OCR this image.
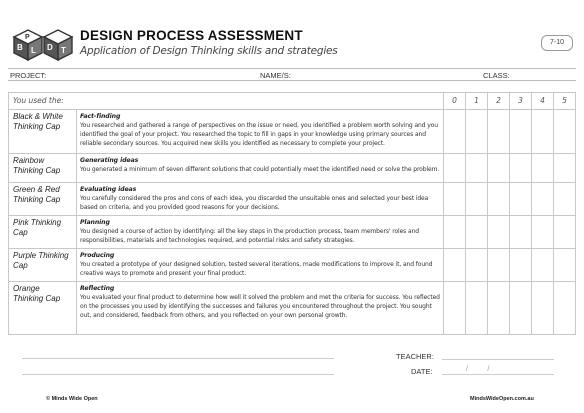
B L D T
P	DESIGN PROCESS ASSESSMENT
Application of Design Thinking skills and strategies
7-10
PROJECT:	NAME/S:	CLASS:
You used the:		0	1	2	3	4	5
Black & White Thinking Cap	Fact-finding
You researched and gathered a range of perspectives on the issue or need, you identified a problem worth solving and you identified the goal of your project. You researched the topic to fill in gaps in your knowledge using primary sources and reliable secondary sources. You acquired new skills you identified as necessary to complete your project.						
Rainbow Thinking Cap	Generating ideas
You generated a minimum of seven different solutions that could potentially meet the identified need or solve the problem.						
Green & Red Thinking Cap	Evaluating ideas
You carefully considered the pros and cons of each idea, you discarded the unsuitable ones and selected your best idea based on criteria, and you provided good reasons for your decisions.						
Pink Thinking Cap	Planning
You designed a course of action by identifying: all the key steps in the production process, team members' roles and responsibilities, materials and technologies required, and potential risks and safety strategies.						
Purple Thinking Cap	Producing
You created a prototype of your designed solution, tested several iterations, made modifications to improve it, and found creative ways to promote and present your final product.						
Orange Thinking Cap	Reflecting
You evaluated your final product to determine how well it solved the problem and met the criteria for success. You reflected on the processes you used by identifying the successes and failures you encountered throughout the project. You sought out, and considered, feedback from others, and you reflected on your own personal growth.						
TEACHER:
DATE:	/          /
© Minds Wide Open	MindsWideOpen.com.au
